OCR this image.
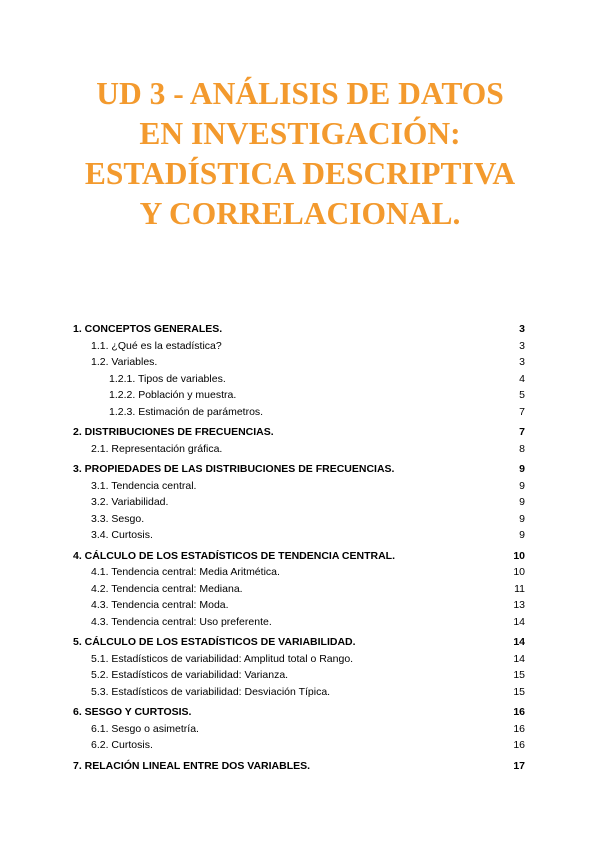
UD 3 - ANÁLISIS DE DATOS
EN INVESTIGACIÓN:
ESTADÍSTICA DESCRIPTIVA
Y CORRELACIONAL.
1. CONCEPTOS GENERALES.	3
1.1. ¿Qué es la estadística?	3
1.2. Variables.	3
1.2.1. Tipos de variables.	4
1.2.2. Población y muestra.	5
1.2.3. Estimación de parámetros.	7
2. DISTRIBUCIONES DE FRECUENCIAS.	7
2.1. Representación gráfica.	8
3. PROPIEDADES DE LAS DISTRIBUCIONES DE FRECUENCIAS.	9
3.1. Tendencia central.	9
3.2. Variabilidad.	9
3.3. Sesgo.	9
3.4. Curtosis.	9
4. CÁLCULO DE LOS ESTADÍSTICOS DE TENDENCIA CENTRAL.	10
4.1. Tendencia central: Media Aritmética.	10
4.2. Tendencia central: Mediana.	11
4.3. Tendencia central: Moda.	13
4.3. Tendencia central: Uso preferente.	14
5. CÁLCULO DE LOS ESTADÍSTICOS DE VARIABILIDAD.	14
5.1. Estadísticos de variabilidad: Amplitud total o Rango.	14
5.2. Estadísticos de variabilidad: Varianza.	15
5.3. Estadísticos de variabilidad: Desviación Típica.	15
6. SESGO Y CURTOSIS.	16
6.1. Sesgo o asimetría.	16
6.2. Curtosis.	16
7. RELACIÓN LINEAL ENTRE DOS VARIABLES.	17
